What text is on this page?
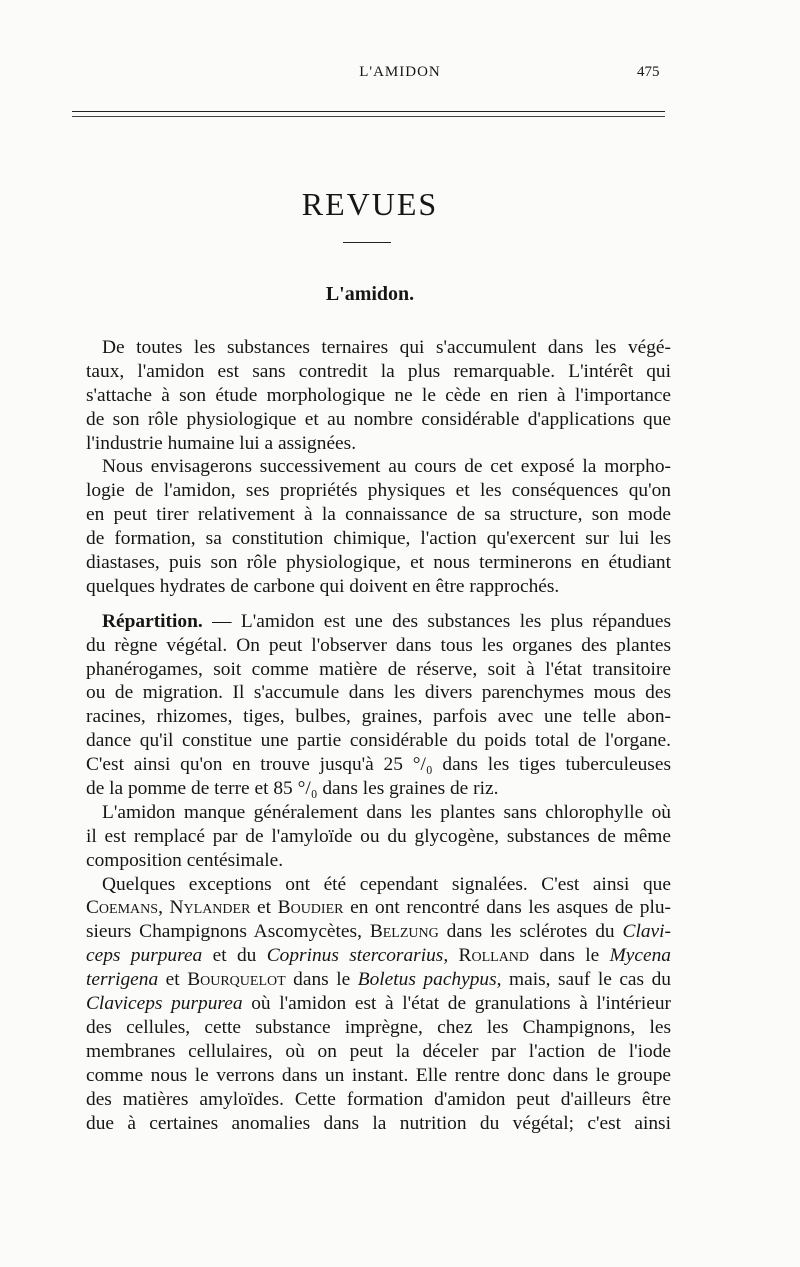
L'AMIDON	475
REVUES
L'amidon.
De toutes les substances ternaires qui s'accumulent dans les végé-
taux, l'amidon est sans contredit la plus remarquable. L'intérêt qui
s'attache à son étude morphologique ne le cède en rien à l'importance
de son rôle physiologique et au nombre considérable d'applications que
l'industrie humaine lui a assignées.
Nous envisagerons successivement au cours de cet exposé la morpho-
logie de l'amidon, ses propriétés physiques et les conséquences qu'on
en peut tirer relativement à la connaissance de sa structure, son mode
de formation, sa constitution chimique, l'action qu'exercent sur lui les
diastases, puis son rôle physiologique, et nous terminerons en étudiant
quelques hydrates de carbone qui doivent en être rapprochés.
Répartition. — L'amidon est une des substances les plus répandues
du règne végétal. On peut l'observer dans tous les organes des plantes
phanérogames, soit comme matière de réserve, soit à l'état transitoire
ou de migration. Il s'accumule dans les divers parenchymes mous des
racines, rhizomes, tiges, bulbes, graines, parfois avec une telle abon-
dance qu'il constitue une partie considérable du poids total de l'organe.
C'est ainsi qu'on en trouve jusqu'à 25 °/₀ dans les tiges tuberculeuses
de la pomme de terre et 85 °/₀ dans les graines de riz.
L'amidon manque généralement dans les plantes sans chlorophylle où
il est remplacé par de l'amyloïde ou du glycogène, substances de même
composition centésimale.
Quelques exceptions ont été cependant signalées. C'est ainsi que
Coemans, Nylander et Boudier en ont rencontré dans les asques de plu-
sieurs Champignons Ascomycètes, Belzung dans les sclérotes du Clavi-
ceps purpurea et du Coprinus stercorarius, Rolland dans le Mycena
terrigena et Bourquelot dans le Boletus pachypus, mais, sauf le cas du
Claviceps purpurea où l'amidon est à l'état de granulations à l'intérieur
des cellules, cette substance imprègne, chez les Champignons, les
membranes cellulaires, où on peut la déceler par l'action de l'iode
comme nous le verrons dans un instant. Elle rentre donc dans le groupe
des matières amyloïdes. Cette formation d'amidon peut d'ailleurs être
due à certaines anomalies dans la nutrition du végétal; c'est ainsi
